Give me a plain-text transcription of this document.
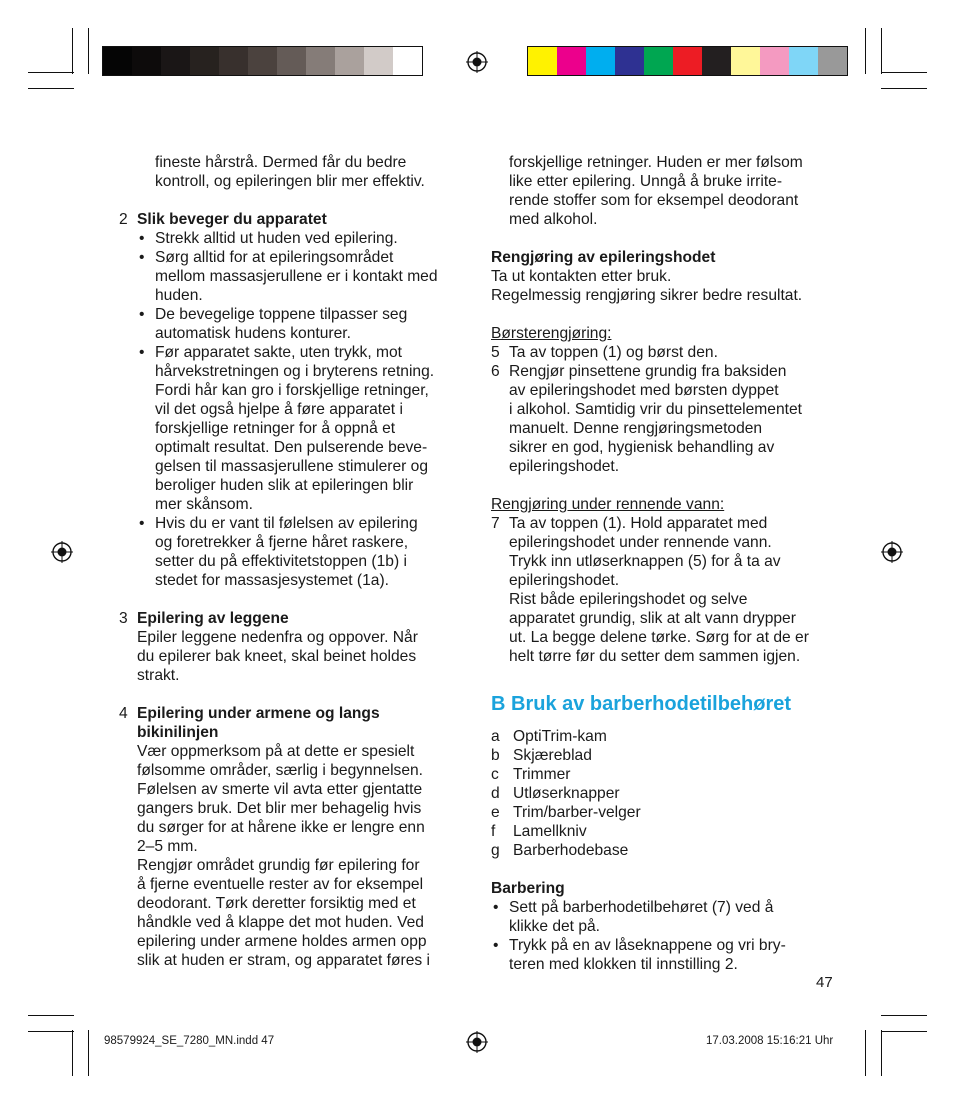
fineste hårstrå. Dermed får du bedre

kontroll, og epileringen blir mer effektiv.

2 Slik beveger du apparatet

• Strekk alltid ut huden ved epilering.

• Sørg alltid for at epileringsområdet

mellom massasjerullene er i kontakt med

huden.

• De bevegelige toppene tilpasser seg

automatisk hudens konturer.

• Før apparatet sakte, uten trykk, mot

hårvekstretningen og i bryterens retning.

Fordi hår kan gro i forskjellige retninger,

vil det også hjelpe å føre apparatet i

forskjellige retninger for å oppnå et

optimalt resultat. Den pulserende beve-

gelsen til massasjerullene stimulerer og

beroliger huden slik at epileringen blir

mer skånsom.

• Hvis du er vant til følelsen av epilering

og foretrekker å fjerne håret raskere,

setter du på effektivitetstoppen (1b) i

stedet for massasjesystemet (1a).

3 Epilering av leggene

Epiler leggene nedenfra og oppover. Når

du epilerer bak kneet, skal beinet holdes

strakt.

4 Epilering under armene og langs

bikinilinjen

Vær oppmerksom på at dette er spesielt

følsomme områder, særlig i begynnelsen.

Følelsen av smerte vil avta etter gjentatte

gangers bruk. Det blir mer behagelig hvis

du sørger for at hårene ikke er lengre enn

2–5 mm.

Rengjør området grundig før epilering for

å fjerne eventuelle rester av for eksempel

deodorant. Tørk deretter forsiktig med et

håndkle ved å klappe det mot huden. Ved

epilering under armene holdes armen opp

slik at huden er stram, og apparatet føres i

forskjellige retninger. Huden er mer følsom

like etter epilering. Unngå å bruke irrite-

rende stoffer som for eksempel deodorant

med alkohol.

Rengjøring av epileringshodet

Ta ut kontakten etter bruk.

Regelmessig rengjøring sikrer bedre resultat.

Børsterengjøring:

5 Ta av toppen (1) og børst den.

6 Rengjør pinsettene grundig fra baksiden

av epileringshodet med børsten dyppet

i alkohol. Samtidig vrir du pinsettelementet

manuelt. Denne rengjøringsmetoden

sikrer en god, hygienisk behandling av

epileringshodet.

Rengjøring under rennende vann:

7 Ta av toppen (1). Hold apparatet med

epileringshodet under rennende vann.

Trykk inn utløserknappen (5) for å ta av

epileringshodet.

Rist både epileringshodet og selve

apparatet grundig, slik at alt vann drypper

ut. La begge delene tørke. Sørg for at de er

helt tørre før du setter dem sammen igjen.

B Bruk av barberhodetilbehøret

a OptiTrim-kam
b Skjæreblad
c Trimmer
d Utløserknapper
e Trim/barber-velger
f	Lamellkniv
g Barberhodebase

Barbering

• Sett på barberhodetilbehøret (7) ved å

klikke det på.

• Trykk på en av låseknappene og vri bry-

teren med klokken til innstilling 2.

47
98579924_SE_7280_MN.indd 47	17.03.2008 15:16:21 Uhr
